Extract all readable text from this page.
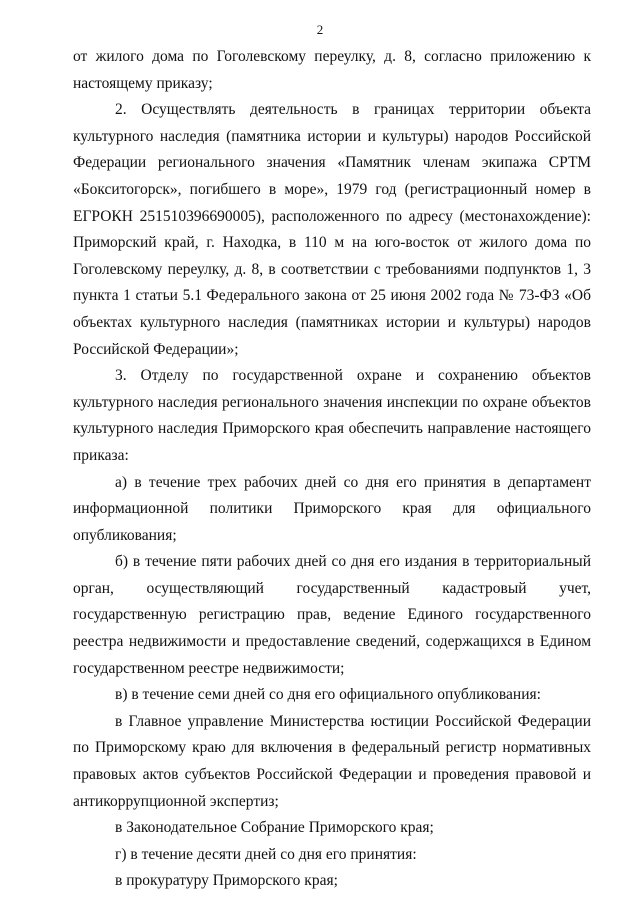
2

от жилого дома по Гоголевскому переулку, д. 8, согласно приложению к настоящему приказу;

2. Осуществлять деятельность в границах территории объекта культурного наследия (памятника истории и культуры) народов Российской Федерации регионального значения «Памятник членам экипажа СРТМ «Бокситогорск», погибшего в море», 1979 год (регистрационный номер в ЕГРОКН 251510396690005), расположенного по адресу (местонахождение): Приморский край, г. Находка, в 110 м на юго-восток от жилого дома по Гоголевскому переулку, д. 8, в соответствии с требованиями подпунктов 1, 3 пункта 1 статьи 5.1 Федерального закона от 25 июня 2002 года № 73-ФЗ «Об объектах культурного наследия (памятниках истории и культуры) народов Российской Федерации»;

3. Отделу по государственной охране и сохранению объектов культурного наследия регионального значения инспекции по охране объектов культурного наследия Приморского края обеспечить направление настоящего приказа:

а) в течение трех рабочих дней со дня его принятия в департамент информационной политики Приморского края для официального опубликования;

б) в течение пяти рабочих дней со дня его издания в территориальный орган, осуществляющий государственный кадастровый учет, государственную регистрацию прав, ведение Единого государственного реестра недвижимости и предоставление сведений, содержащихся в Едином государственном реестре недвижимости;

в) в течение семи дней со дня его официального опубликования:

в Главное управление Министерства юстиции Российской Федерации по Приморскому краю для включения в федеральный регистр нормативных правовых актов субъектов Российской Федерации и проведения правовой и антикоррупционной экспертиз;

в Законодательное Собрание Приморского края;

г) в течение десяти дней со дня его принятия:

в прокуратуру Приморского края;
